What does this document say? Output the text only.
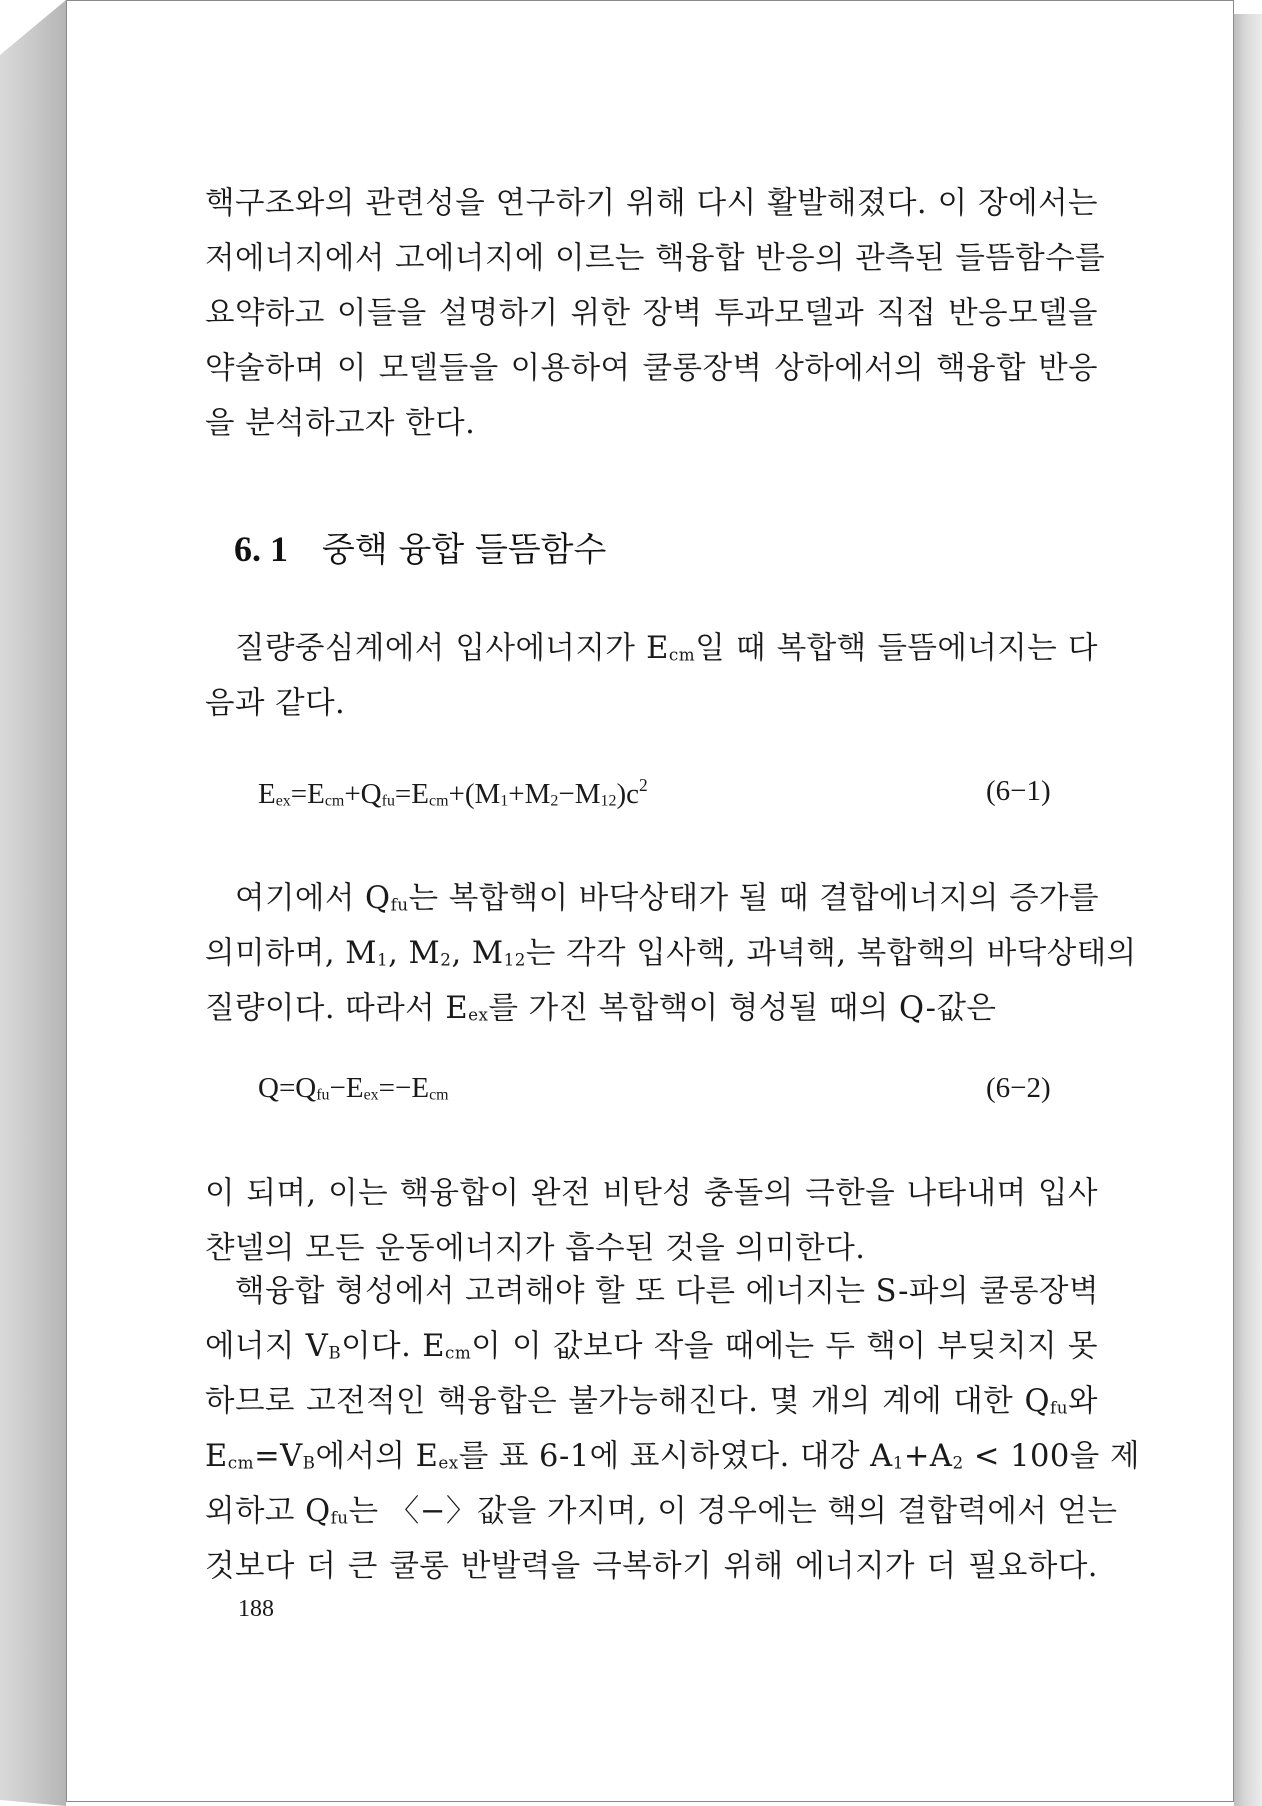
핵구조와의 관련성을 연구하기 위해 다시 활발해졌다. 이 장에서는
저에너지에서 고에너지에 이르는 핵융합 반응의 관측된 들뜸함수를
요약하고 이들을 설명하기 위한 장벽 투과모델과 직접 반응모델을
약술하며 이 모델들을 이용하여 쿨롱장벽 상하에서의 핵융합 반응
을 분석하고자 한다.
6. 1 중핵 융합 들뜸함수
질량중심계에서 입사에너지가 Ecm일 때 복합핵 들뜸에너지는 다
음과 같다.
$Eex=Ecm+Qfu=Ecm+(M1+M2-M12)c^2$	(6−1)
여기에서 Qfu는 복합핵이 바닥상태가 될 때 결합에너지의 증가를
의미하며, M1, M2, M12는 각각 입사핵, 과녁핵, 복합핵의 바닥상태의
질량이다. 따라서 Eex를 가진 복합핵이 형성될 때의 Q-값은
Q=Qfu−Eex=−Ecm	(6−2)
이 되며, 이는 핵융합이 완전 비탄성 충돌의 극한을 나타내며 입사
챤넬의 모든 운동에너지가 흡수된 것을 의미한다.
핵융합 형성에서 고려해야 할 또 다른 에너지는 S-파의 쿨롱장벽
에너지 VB이다. Ecm이 이 값보다 작을 때에는 두 핵이 부딪치지 못
하므로 고전적인 핵융합은 불가능해진다. 몇 개의 계에 대한 Qfu와
Ecm=VB에서의 Eex를 표 6-1에 표시하였다. 대강 A1+A2 < 100을 제
외하고 Qfu는 〈−〉값을 가지며, 이 경우에는 핵의 결합력에서 얻는
것보다 더 큰 쿨롱 반발력을 극복하기 위해 에너지가 더 필요하다.
188
